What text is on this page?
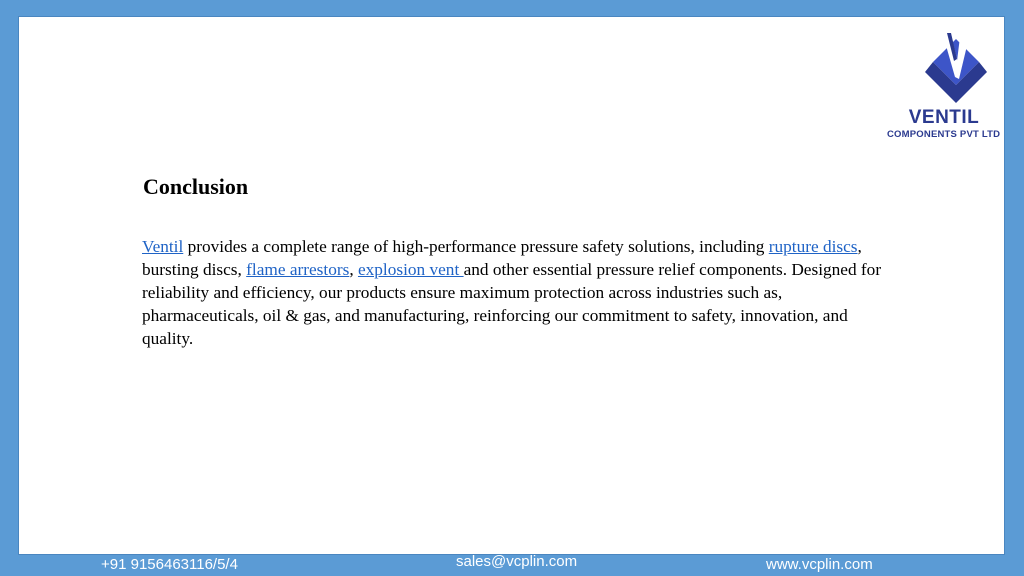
VENTIL
COMPONENTS PVT LTD
Conclusion

Ventil provides a complete range of high-performance pressure safety solutions, including rupture discs, bursting discs, flame arrestors, explosion vent and other essential pressure relief components. Designed for reliability and efficiency, our products ensure maximum protection across industries such as, pharmaceuticals, oil & gas, and manufacturing, reinforcing our commitment to safety, innovation, and
quality.

+91 9156463116/5/4	sales@vcplin.com	www.vcplin.com
